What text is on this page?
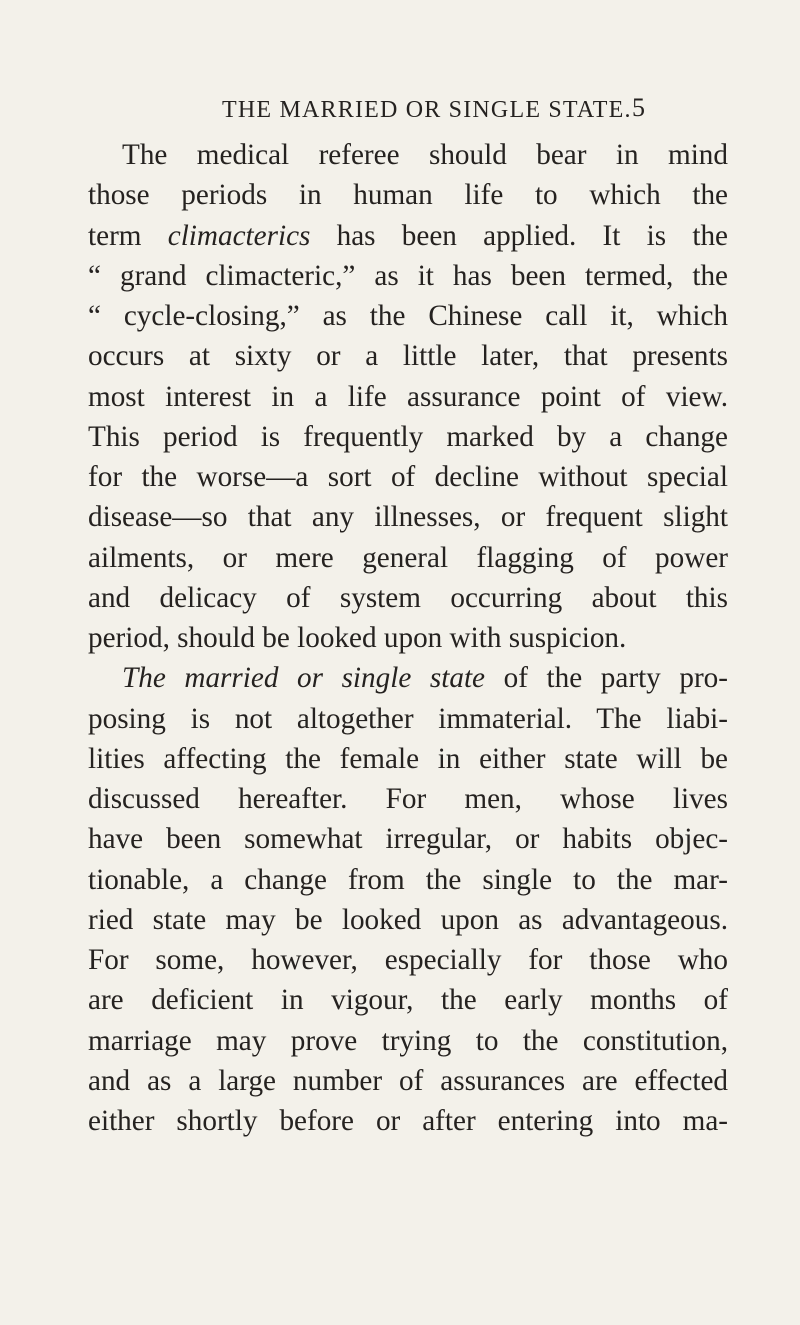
THE MARRIED OR SINGLE STATE. 5
The medical referee should bear in mind
those periods in human life to which the
term climacterics has been applied. It is the
“ grand climacteric,” as it has been termed, the
“ cycle-closing,” as the Chinese call it, which
occurs at sixty or a little later, that presents
most interest in a life assurance point of view.
This period is frequently marked by a change
for the worse—a sort of decline without special
disease—so that any illnesses, or frequent slight
ailments, or mere general flagging of power
and delicacy of system occurring about this
period, should be looked upon with suspicion.
The married or single state of the party pro-
posing is not altogether immaterial. The liabi-
lities affecting the female in either state will be
discussed hereafter. For men, whose lives
have been somewhat irregular, or habits objec-
tionable, a change from the single to the mar-
ried state may be looked upon as advantageous.
For some, however, especially for those who
are deficient in vigour, the early months of
marriage may prove trying to the constitution,
and as a large number of assurances are effected
either shortly before or after entering into ma-
